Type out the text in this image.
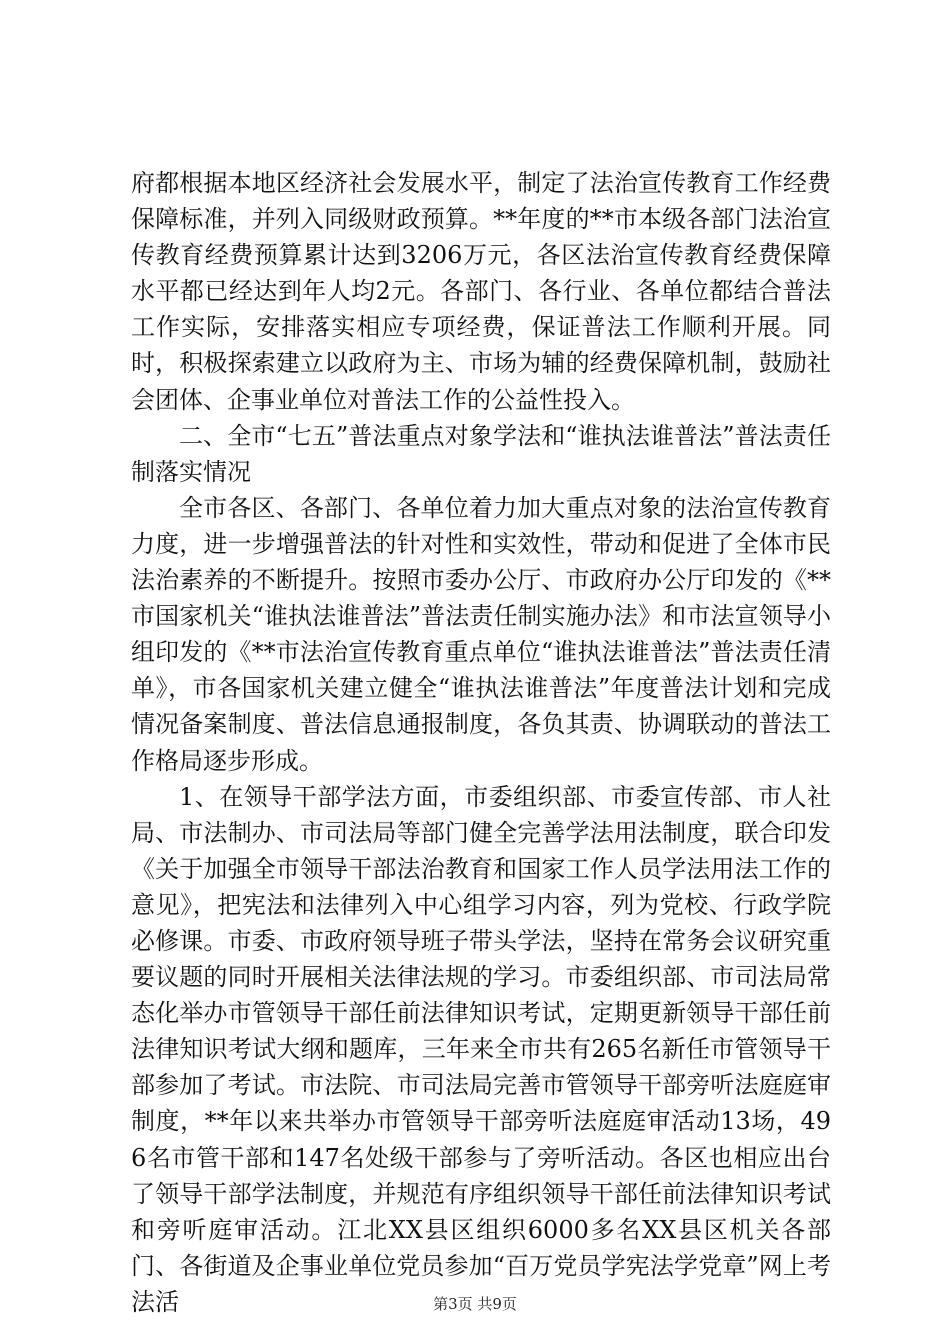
府都根据本地区经济社会发展水平，制定了法治宣传教育工作经费保障标准，并列入同级财政预算。**年度的**市本级各部门法治宣传教育经费预算累计达到3206万元，各区法治宣传教育经费保障水平都已经达到年人均2元。各部门、各行业、各单位都结合普法工作实际，安排落实相应专项经费，保证普法工作顺利开展。同时，积极探索建立以政府为主、市场为辅的经费保障机制，鼓励社会团体、企事业单位对普法工作的公益性投入。

二、全市“七五”普法重点对象学法和“谁执法谁普法”普法责任制落实情况

全市各区、各部门、各单位着力加大重点对象的法治宣传教育力度，进一步增强普法的针对性和实效性，带动和促进了全体市民法治素养的不断提升。按照市委办公厅、市政府办公厅印发的《**市国家机关“谁执法谁普法”普法责任制实施办法》和市法宣领导小组印发的《**市法治宣传教育重点单位“谁执法谁普法”普法责任清单》，市各国家机关建立健全“谁执法谁普法”年度普法计划和完成情况备案制度、普法信息通报制度，各负其责、协调联动的普法工作格局逐步形成。

1、在领导干部学法方面，市委组织部、市委宣传部、市人社局、市法制办、市司法局等部门健全完善学法用法制度，联合印发《关于加强全市领导干部法治教育和国家工作人员学法用法工作的意见》，把宪法和法律列入中心组学习内容，列为党校、行政学院必修课。市委、市政府领导班子带头学法，坚持在常务会议研究重要议题的同时开展相关法律法规的学习。市委组织部、市司法局常态化举办市管领导干部任前法律知识考试，定期更新领导干部任前法律知识考试大纲和题库，三年来全市共有265名新任市管领导干部参加了考试。市法院、市司法局完善市管领导干部旁听法庭庭审制度，**年以来共举办市管领导干部旁听法庭庭审活动13场，496名市管干部和147名处级干部参与了旁听活动。各区也相应出台了领导干部学法制度，并规范有序组织领导干部任前法律知识考试和旁听庭审活动。江北XX县区组织6000多名XX县区机关各部门、各街道及企事业单位党员参加“百万党员学宪法学党章”网上考法活	第3页 共9页
